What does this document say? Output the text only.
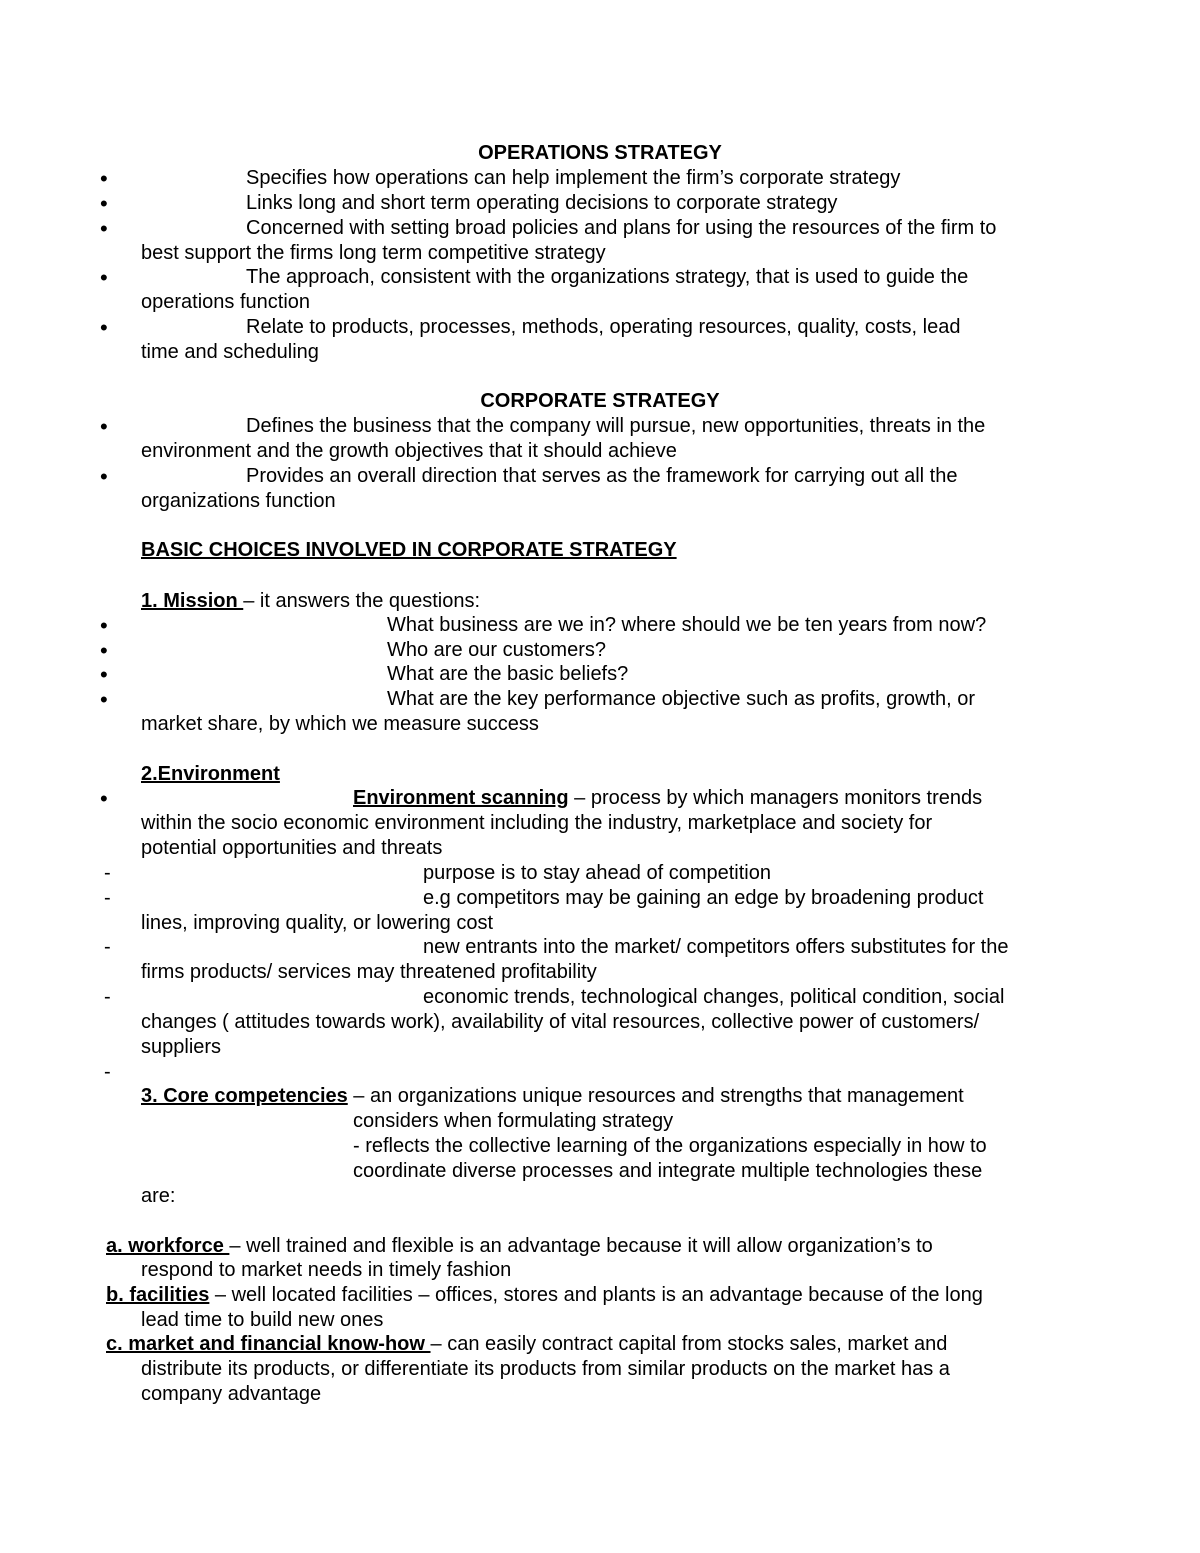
OPERATIONS STRATEGY

•	Specifies how operations can help implement the firm’s corporate strategy

•	Links long and short term operating decisions to corporate strategy

•	Concerned with setting broad policies and plans for using the resources of the firm to

best support the firms long term competitive strategy

•	The approach, consistent with the organizations strategy, that is used to guide the

operations function

•	Relate to products, processes, methods, operating resources, quality, costs, lead

time and scheduling

CORPORATE STRATEGY

•	Defines the business that the company will pursue, new opportunities, threats in the

environment and the growth objectives that it should achieve

•	Provides an overall direction that serves as the framework for carrying out all the

organizations function

BASIC CHOICES INVOLVED IN CORPORATE STRATEGY

1. Mission – it answers the questions:

•	What business are we in? where should we be ten years from now?

•	Who are our customers?

•	What are the basic beliefs?

•	What are the key performance objective such as profits, growth, or

market share, by which we measure success

2.Environment

•	Environment scanning – process by which managers monitors trends

within the socio economic environment including the industry, marketplace and society for

potential opportunities and threats

-	purpose is to stay ahead of competition

-	e.g competitors may be gaining an edge by broadening product

lines, improving quality, or lowering cost

-	new entrants into the market/ competitors offers substitutes for the

firms products/ services may threatened profitability

-	economic trends, technological changes, political condition, social

changes ( attitudes towards work), availability of vital resources, collective power of customers/

suppliers

-

3. Core competencies – an organizations unique resources and strengths that management

considers when formulating strategy

- reflects the collective learning of the organizations especially in how to

coordinate diverse processes and integrate multiple technologies these

are:

a. workforce – well trained and flexible is an advantage because it will allow organization’s to

respond to market needs in timely fashion

b. facilities – well located facilities – offices, stores and plants is an advantage because of the long

lead time to build new ones

c. market and financial know-how – can easily contract capital from stocks sales, market and

distribute its products, or differentiate its products from similar products on the market has a

company advantage
